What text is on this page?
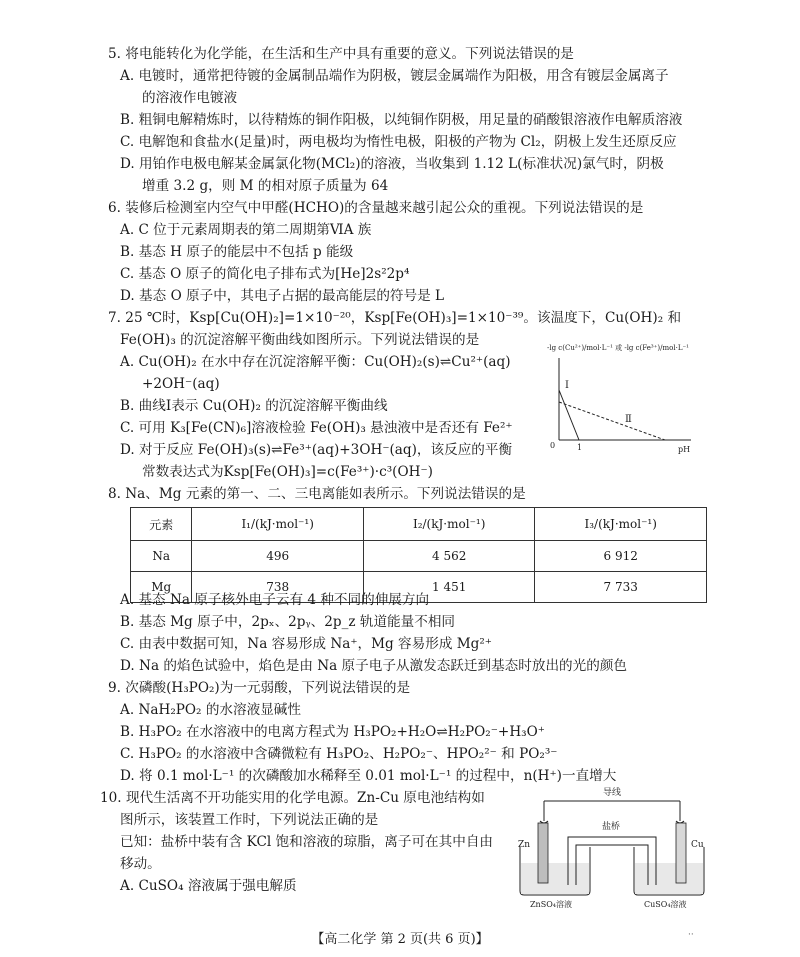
5. 将电能转化为化学能，在生活和生产中具有重要的意义。下列说法错误的是
A. 电镀时，通常把待镀的金属制品端作为阴极，镀层金属端作为阳极，用含有镀层金属离子
的溶液作电镀液
B. 粗铜电解精炼时，以待精炼的铜作阳极，以纯铜作阴极，用足量的硝酸银溶液作电解质溶液
C. 电解饱和食盐水(足量)时，两电极均为惰性电极，阳极的产物为 Cl₂，阴极上发生还原反应
D. 用铂作电极电解某金属氯化物(MCl₂)的溶液，当收集到 1.12 L(标准状况)氯气时，阴极
增重 3.2 g，则 M 的相对原子质量为 64
6. 装修后检测室内空气中甲醛(HCHO)的含量越来越引起公众的重视。下列说法错误的是
A. C 位于元素周期表的第二周期第ⅥA 族
B. 基态 H 原子的能层中不包括 p 能级
C. 基态 O 原子的简化电子排布式为[He]2s²2p⁴
D. 基态 O 原子中，其电子占据的最高能层的符号是 L
7. 25 ℃时，Ksp[Cu(OH)₂]=1×10⁻²⁰，Ksp[Fe(OH)₃]=1×10⁻³⁹。该温度下，Cu(OH)₂ 和
Fe(OH)₃ 的沉淀溶解平衡曲线如图所示。下列说法错误的是
A. Cu(OH)₂ 在水中存在沉淀溶解平衡：Cu(OH)₂(s)⇌Cu²⁺(aq)
+2OH⁻(aq)
B. 曲线Ⅰ表示 Cu(OH)₂ 的沉淀溶解平衡曲线
C. 可用 K₃[Fe(CN)₆]溶液检验 Fe(OH)₃ 悬浊液中是否还有 Fe²⁺
D. 对于反应 Fe(OH)₃(s)⇌Fe³⁺(aq)+3OH⁻(aq)，该反应的平衡
常数表达式为Ksp[Fe(OH)₃]=c(Fe³⁺)·c³(OH⁻)
-lg c(Cu²⁺)/mol·L⁻¹ 或 -lg c(Fe³⁺)/mol·L⁻¹
Ⅰ
Ⅱ
0	1	pH
8. Na、Mg 元素的第一、二、三电离能如表所示。下列说法错误的是
元素	I₁/(kJ·mol⁻¹)	I₂/(kJ·mol⁻¹)	I₃/(kJ·mol⁻¹)
Na	496	4 562	6 912
Mg	738	1 451	7 733
A. 基态 Na 原子核外电子云有 4 种不同的伸展方向
B. 基态 Mg 原子中，2pₓ、2pᵧ、2p_z 轨道能量不相同
C. 由表中数据可知，Na 容易形成 Na⁺，Mg 容易形成 Mg²⁺
D. Na 的焰色试验中，焰色是由 Na 原子电子从激发态跃迁到基态时放出的光的颜色
9. 次磷酸(H₃PO₂)为一元弱酸，下列说法错误的是
A. NaH₂PO₂ 的水溶液显碱性
B. H₃PO₂ 在水溶液中的电离方程式为 H₃PO₂+H₂O⇌H₂PO₂⁻+H₃O⁺
C. H₃PO₂ 的水溶液中含磷微粒有 H₃PO₂、H₂PO₂⁻、HPO₂²⁻ 和 PO₂³⁻
D. 将 0.1 mol·L⁻¹ 的次磷酸加水稀释至 0.01 mol·L⁻¹ 的过程中，n(H⁺)一直增大
10. 现代生活离不开功能实用的化学电源。Zn-Cu 原电池结构如
图所示，该装置工作时，下列说法正确的是
已知：盐桥中装有含 KCl 饱和溶液的琼脂，离子可在其中自由
移动。
A. CuSO₄ 溶液属于强电解质
导线
Zn	Cu
盐桥
ZnSO₄溶液	CuSO₄溶液
【高二化学 第 2 页(共 6 页)】	··
